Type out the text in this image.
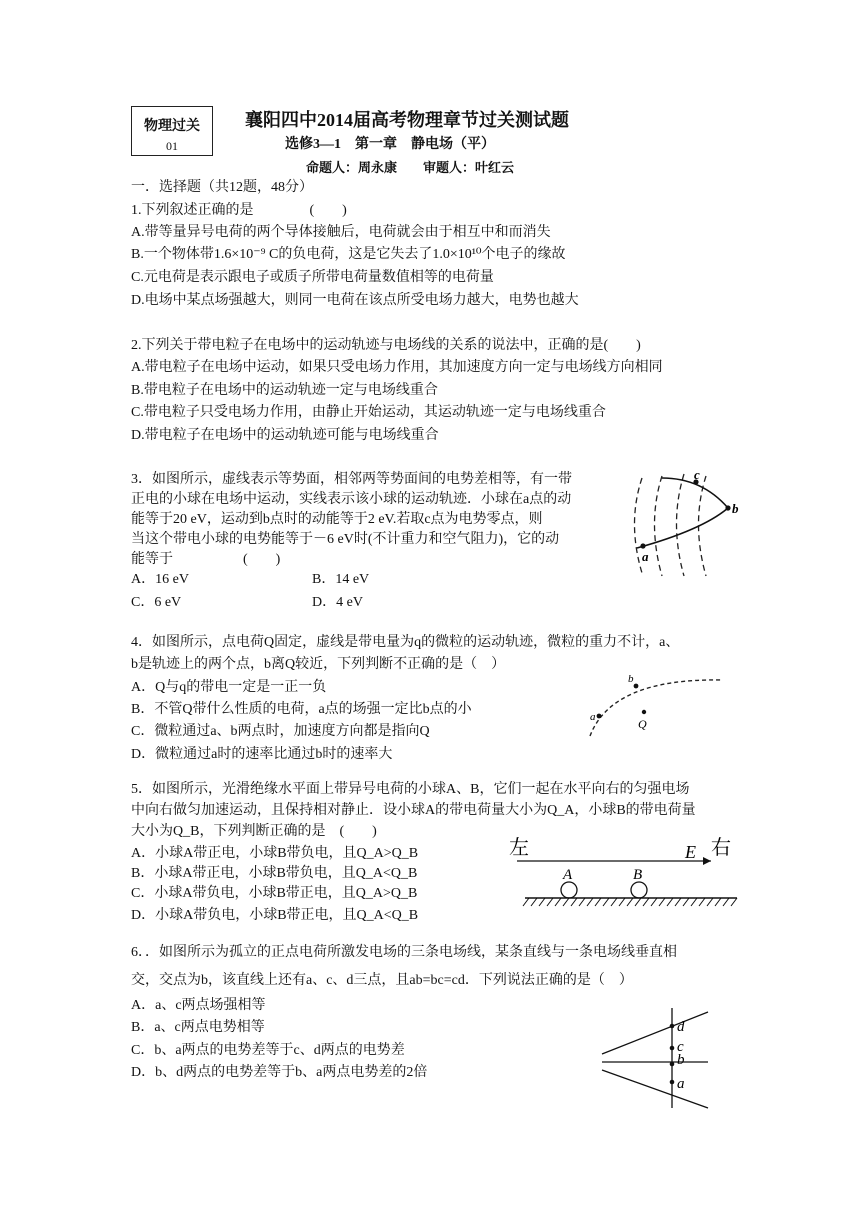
物理过关
01
襄阳四中2014届高考物理章节过关测试题
选修3—1　第一章　静电场（平）
命题人：周永康　　审题人：叶红云
一．选择题（共12题，48分）
1.下列叙述正确的是　　　　(　　)
A.带等量异号电荷的两个导体接触后，电荷就会由于相互中和而消失
B.一个物体带1.6×10⁻⁹ C的负电荷，这是它失去了1.0×10¹⁰个电子的缘故
C.元电荷是表示跟电子或质子所带电荷量数值相等的电荷量
D.电场中某点场强越大，则同一电荷在该点所受电场力越大，电势也越大
2.下列关于带电粒子在电场中的运动轨迹与电场线的关系的说法中，正确的是(　　)
A.带电粒子在电场中运动，如果只受电场力作用，其加速度方向一定与电场线方向相同
B.带电粒子在电场中的运动轨迹一定与电场线重合
C.带电粒子只受电场力作用，由静止开始运动，其运动轨迹一定与电场线重合
D.带电粒子在电场中的运动轨迹可能与电场线重合
3．如图所示，虚线表示等势面，相邻两等势面间的电势差相等，有一带
正电的小球在电场中运动，实线表示该小球的运动轨迹．小球在a点的动
能等于20 eV，运动到b点时的动能等于2 eV.若取c点为电势零点，则
当这个带电小球的电势能等于－6 eV时(不计重力和空气阻力)，它的动
能等于　　　　　(　　)
A．16 eV	B．14 eV
C．6 eV	D．4 eV
a
b
c
4．如图所示，点电荷Q固定，虚线是带电量为q的微粒的运动轨迹，微粒的重力不计，a、
b是轨迹上的两个点，b离Q较近，下列判断不正确的是（　）
A．Q与q的带电一定是一正一负
B．不管Q带什么性质的电荷，a点的场强一定比b点的小
C．微粒通过a、b两点时，加速度方向都是指向Q
D．微粒通过a时的速率比通过b时的速率大
a
b
Q
5．如图所示，光滑绝缘水平面上带异号电荷的小球A、B，它们一起在水平向右的匀强电场
中向右做匀加速运动，且保持相对静止．设小球A的带电荷量大小为Q_A，小球B的带电荷量
大小为Q_B，下列判断正确的是　(　　)
A．小球A带正电，小球B带负电，且Q_A>Q_B
B．小球A带正电，小球B带负电，且Q_A<Q_B
C．小球A带负电，小球B带正电，且Q_A>Q_B
D．小球A带负电，小球B带正电，且Q_A<Q_B
左	右
E
A	B
6．．如图所示为孤立的正点电荷所激发电场的三条电场线，某条直线与一条电场线垂直相
交，交点为b，该直线上还有a、c、d三点，且ab=bc=cd．下列说法正确的是（　）
A．a、c两点场强相等
B．a、c两点电势相等
C．b、a两点的电势差等于c、d两点的电势差
D．b、d两点的电势差等于b、a两点电势差的2倍
d
c
b
a
